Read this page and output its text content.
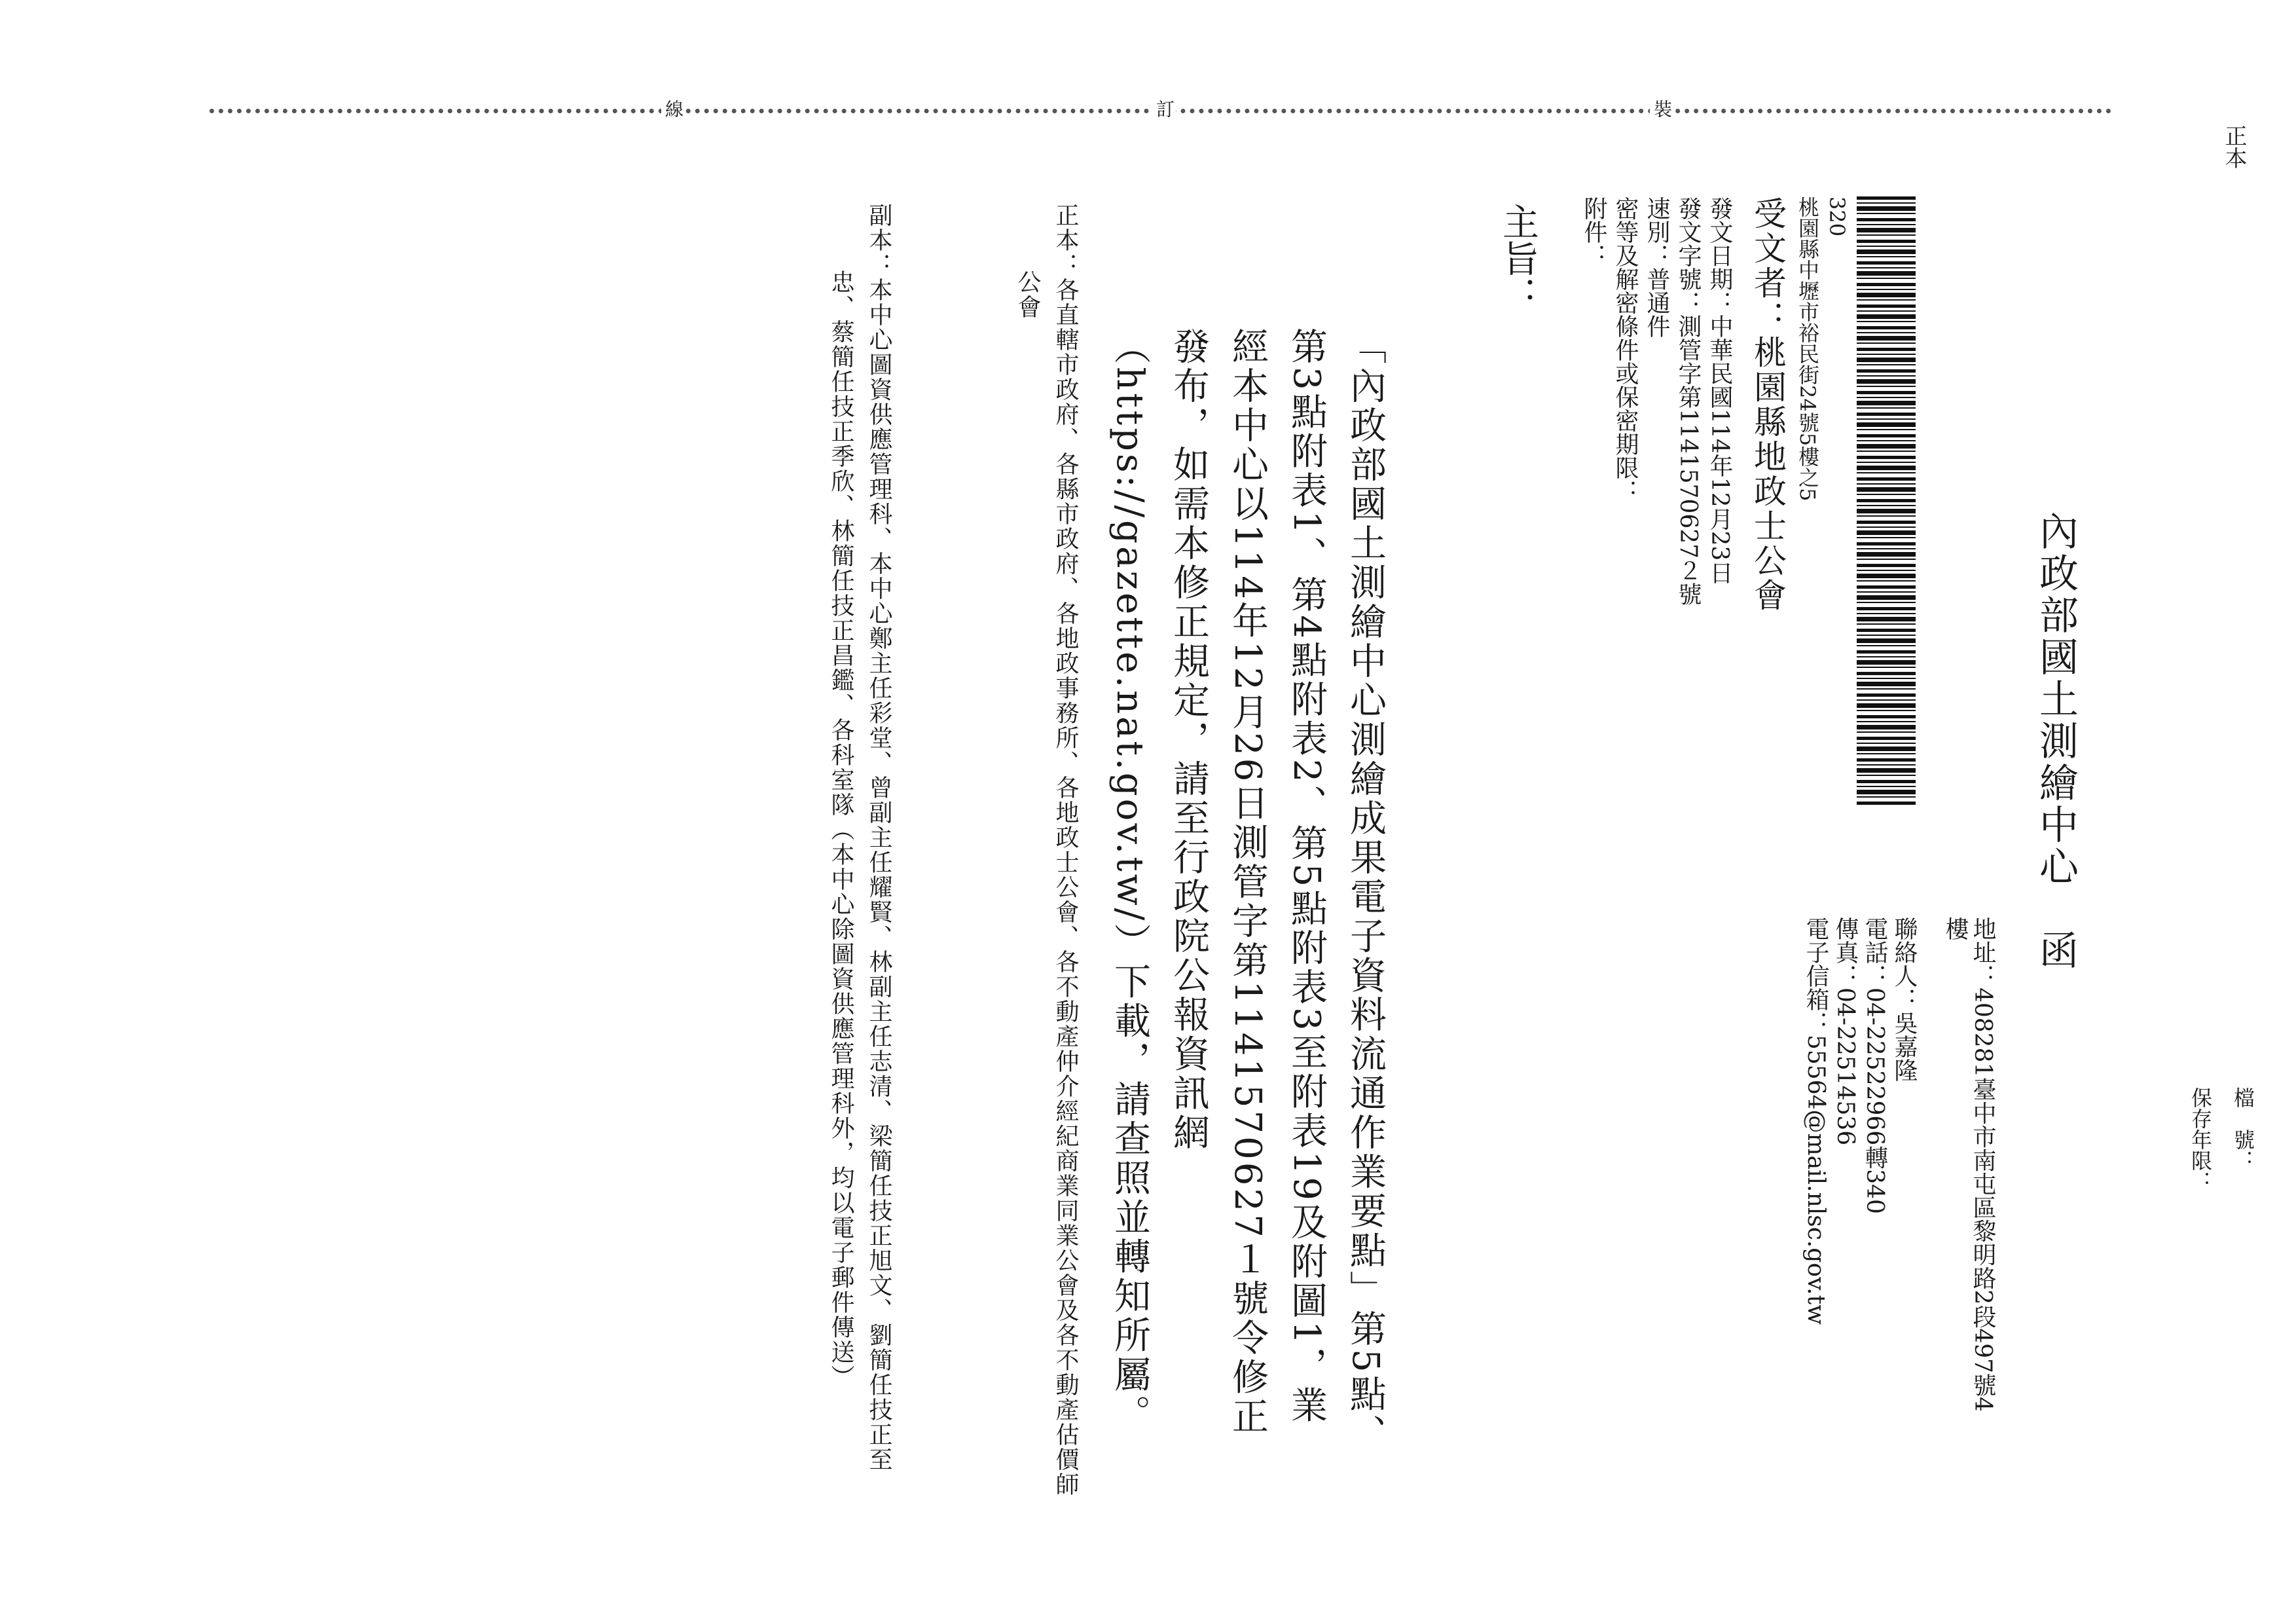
裝
訂
線
正本
檔　號：
保存年限：
內政部國土測繪中心　函
地址：408281臺中市南屯區黎明路2段497號4樓
聯絡人：吳嘉隆
電話：04-22522966轉340
傳真：04-22514536
電子信箱：55564@mail.nlsc.gov.tw
320
桃園縣中壢市裕民街24號5樓之5
受文者：桃園縣地政士公會
發文日期：中華民國114年12月23日
發文字號：測管字第1141570627２號
速別：普通件
密等及解密條件或保密期限：
附件：
主旨：
「內政部國土測繪中心測繪成果電子資料流通作業要點」第5點、第3點附表1、第4點附表2、第5點附表3至附表19及附圖1，業經本中心以114年12月26日測管字第1141570627１號令修正發布，如需本修正規定，請至行政院公報資訊網（https://gazette.nat.gov.tw/）下載，請查照並轉知所屬。
正本：各直轄市政府、各縣市政府、各地政事務所、各地政士公會、各不動產仲介經紀商業同業公會及各不動產估價師公會
副本：本中心圖資供應管理科、本中心鄭主任彩堂、曾副主任耀賢、林副主任志清、梁簡任技正旭文、劉簡任技正至忠、蔡簡任技正季欣、林簡任技正昌鑑、各科室隊（本中心除圖資供應管理科外，均以電子郵件傳送）
